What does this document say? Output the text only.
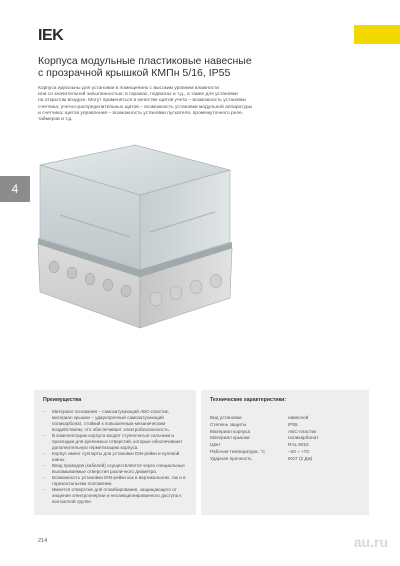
IEK
Корпуса модульные пластиковые навесные
с прозрачной крышкой КМПн 5/16, IP55
Корпуса идеальны для установки в помещениях с высоким уровнем влажности
или со значительной запыленностью: в гаражах, подвалах и т.д., а также для установки
на открытом воздухе. Могут применяться в качестве щитов учета – возможность установки
счетчика; учетно-распределительных щитов – возможность установки модульной аппаратуры
и счетчика; щитов управления – возможность установки пускателя, промежуточного реле,
таймеров и т.д.
4
Преимущества
– Материал основания – самозатухающий АБС-пластик, материал крышки – ударопрочный самозатухающий поликарбонат, стойкий к повышенным механическим воздействиям, что обеспечивает электробезопасность.
– В комплектацию корпуса входят ступенчатые сальники и прокладки для крепежных отверстий, которые обеспечивают дополнительную герметизацию корпуса.
– Корпус имеет суппорты для установки DIN-рейки и нулевой шины.
– Ввод проводов (кабелей) осуществляется через специальные выламываемые отверстия различного диаметра.
– Возможность установки DIN-рейки как в вертикальном, так и в горизонтальном положении.
– Имеется отверстие для пломбирования, защищающего от хищения электроэнергии и несанкционированного доступа к контактной группе.
Технические характеристики:
Вид установки	навесной
Степень защиты	IP55
Материал корпуса	АБС-пластик
Материал крышки	поликарбонат
Цвет	RAL 9016
Рабочая температура, °С	–20 ÷ +70
Ударная прочность	IK07 (2 Дж)
214	au.ru
